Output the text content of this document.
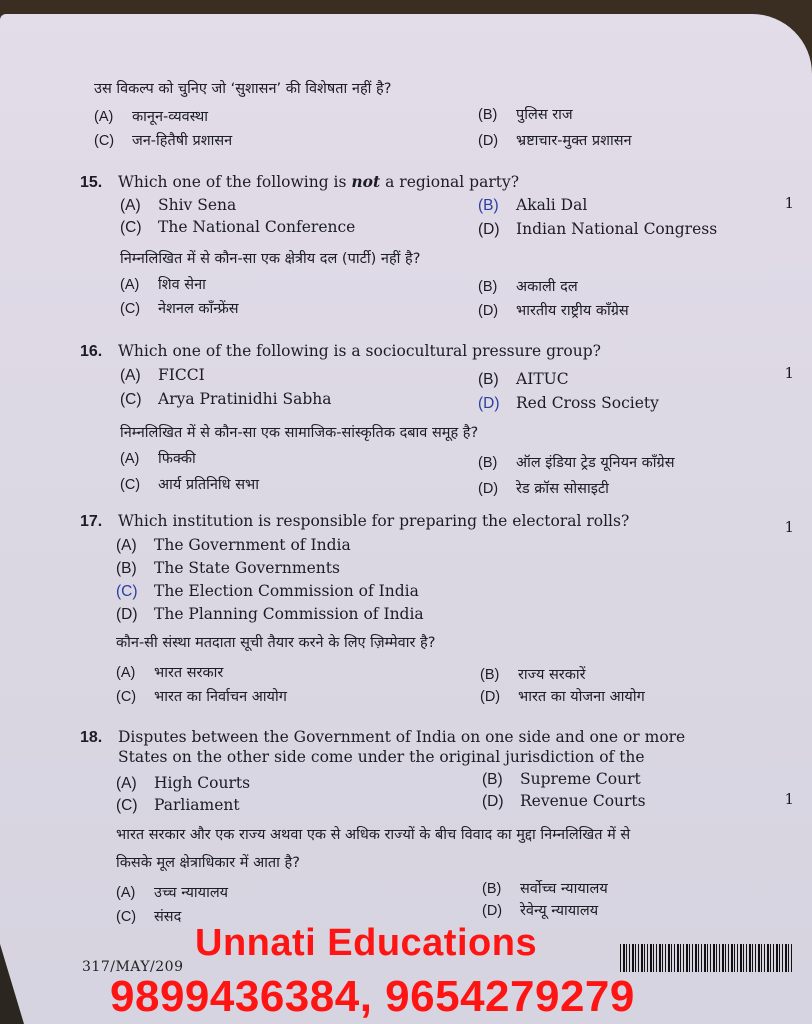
उस विकल्प को चुनिए जो ‘सुशासन’ की विशेषता नहीं है?
(A) कानून-व्यवस्था	(B) पुलिस राज
(C) जन-हितैषी प्रशासन	(D) भ्रष्टाचार-मुक्त प्रशासन
15. Which one of the following is not a regional party?
(A) Shiv Sena	(B) Akali Dal
(C) The National Conference	(D) Indian National Congress
निम्नलिखित में से कौन-सा एक क्षेत्रीय दल (पार्टी) नहीं है?
(A) शिव सेना	(B) अकाली दल
(C) नेशनल काँन्फ्रेंस	(D) भारतीय राष्ट्रीय काँग्रेस
1
16. Which one of the following is a sociocultural pressure group?
(A) FICCI	(B) AITUC
(C) Arya Pratinidhi Sabha	(D) Red Cross Society
निम्नलिखित में से कौन-सा एक सामाजिक-सांस्कृतिक दबाव समूह है?
(A) फिक्की	(B) ऑल इंडिया ट्रेड यूनियन काँग्रेस
(C) आर्य प्रतिनिधि सभा	(D) रेड क्रॉस सोसाइटी
1
17. Which institution is responsible for preparing the electoral rolls?
(A) The Government of India
(B) The State Governments
(C) The Election Commission of India
(D) The Planning Commission of India
कौन-सी संस्था मतदाता सूची तैयार करने के लिए ज़िम्मेवार है?
(A) भारत सरकार	(B) राज्य सरकारें
(C) भारत का निर्वाचन आयोग	(D) भारत का योजना आयोग
1
18. Disputes between the Government of India on one side and one or more
States on the other side come under the original jurisdiction of the
(A) High Courts	(B) Supreme Court
(C) Parliament	(D) Revenue Courts
भारत सरकार और एक राज्य अथवा एक से अधिक राज्यों के बीच विवाद का मुद्दा निम्नलिखित में से
किसके मूल क्षेत्राधिकार में आता है?
(A) उच्च न्यायालय	(B) सर्वोच्च न्यायालय
(C) संसद	(D) रेवेन्यू न्यायालय
1
317/MAY/209
Unnati Educations
9899436384, 9654279279
